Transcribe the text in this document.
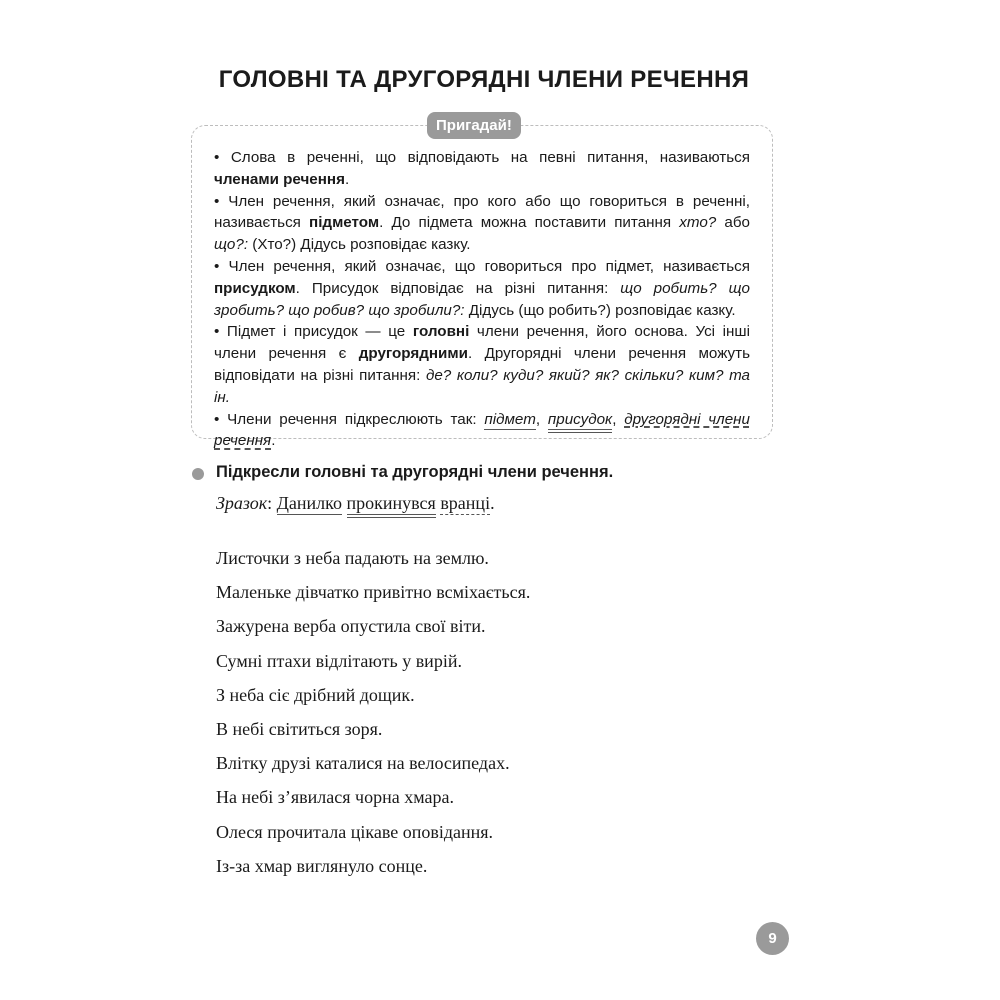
ГОЛОВНІ ТА ДРУГОРЯДНІ ЧЛЕНИ РЕЧЕННЯ
Пригадай!

• Слова в реченні, що відповідають на певні питання, називаються членами речення.

• Член речення, який означає, про кого або що говориться в реченні, називається підметом. До підмета можна поставити питання хто? або що?: (Хто?) Дідусь розповідає казку.

• Член речення, який означає, що говориться про підмет, називається присудком. Присудок відповідає на різні питання: що робить? що зробить? що робив? що зробили?: Дідусь (що робить?) розповідає казку.

• Підмет і присудок — це головні члени речення, його основа. Усі інші члени речення є другорядними. Другорядні члени речення можуть відповідати на різні питання: де? коли? куди? який? як? скільки? ким? та ін.

• Члени речення підкреслюють так: підмет, присудок, другорядні члени речення.

Підкресли головні та другорядні члени речення.
Зразок: Данилко прокинувся вранці.
Листочки з неба падають на землю.
Маленьке дівчатко привітно всміхається.
Зажурена верба опустила свої віти.
Сумні птахи відлітають у вирій.
З неба сіє дрібний дощик.
В небі світиться зоря.
Влітку друзі каталися на велосипедах.
На небі з’явилася чорна хмара.
Олеся прочитала цікаве оповідання.
Із-за хмар виглянуло сонце.
9
